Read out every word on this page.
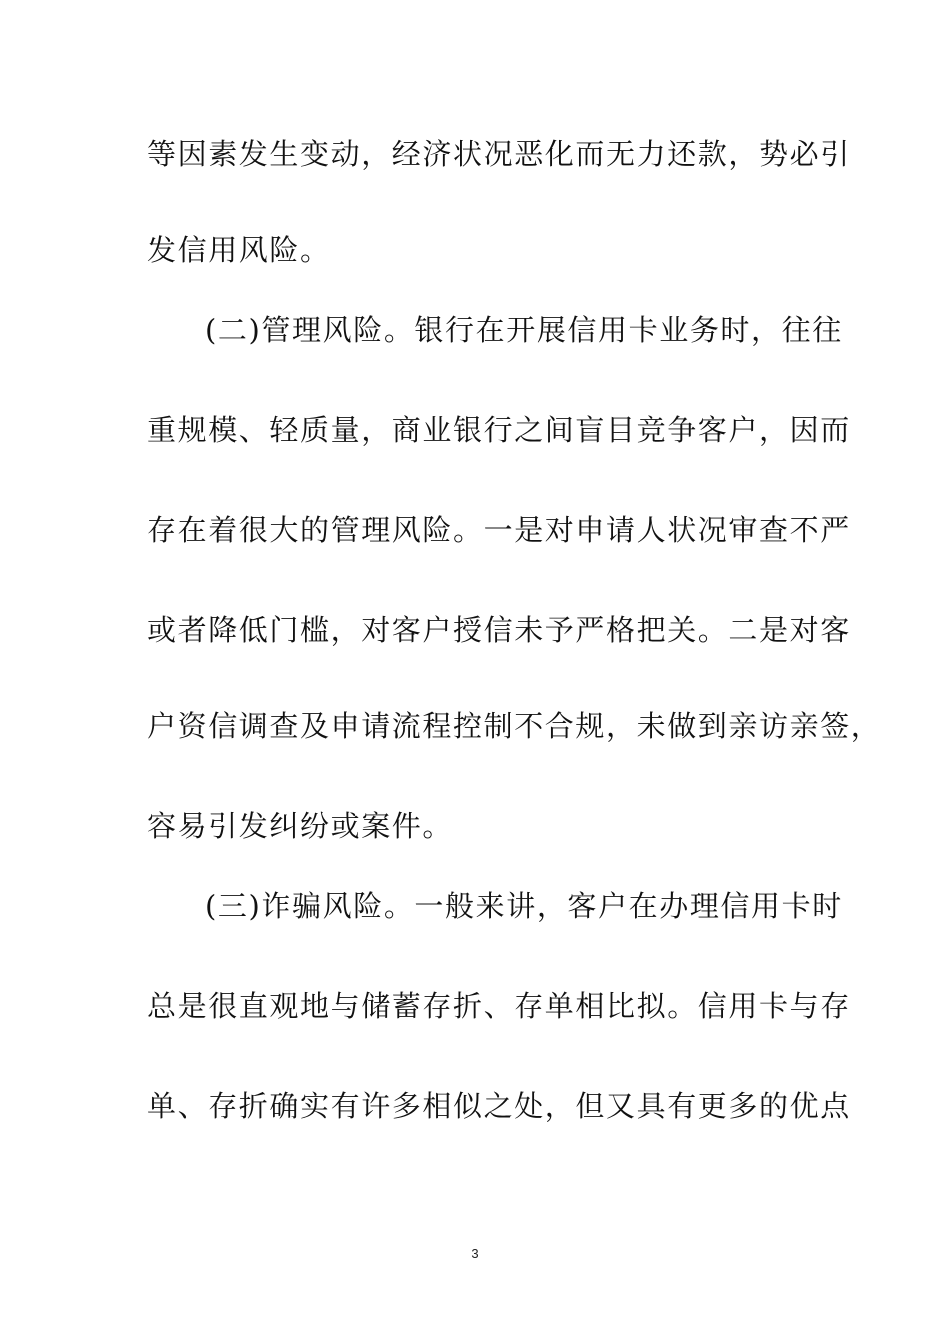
等因素发生变动，经济状况恶化而无力还款，势必引
发信用风险。
(二)管理风险。银行在开展信用卡业务时，往往
重规模、轻质量，商业银行之间盲目竞争客户，因而
存在着很大的管理风险。一是对申请人状况审查不严
或者降低门槛，对客户授信未予严格把关。二是对客
户资信调查及申请流程控制不合规，未做到亲访亲签，
容易引发纠纷或案件。
(三)诈骗风险。一般来讲，客户在办理信用卡时
总是很直观地与储蓄存折、存单相比拟。信用卡与存
单、存折确实有许多相似之处，但又具有更多的优点
3
